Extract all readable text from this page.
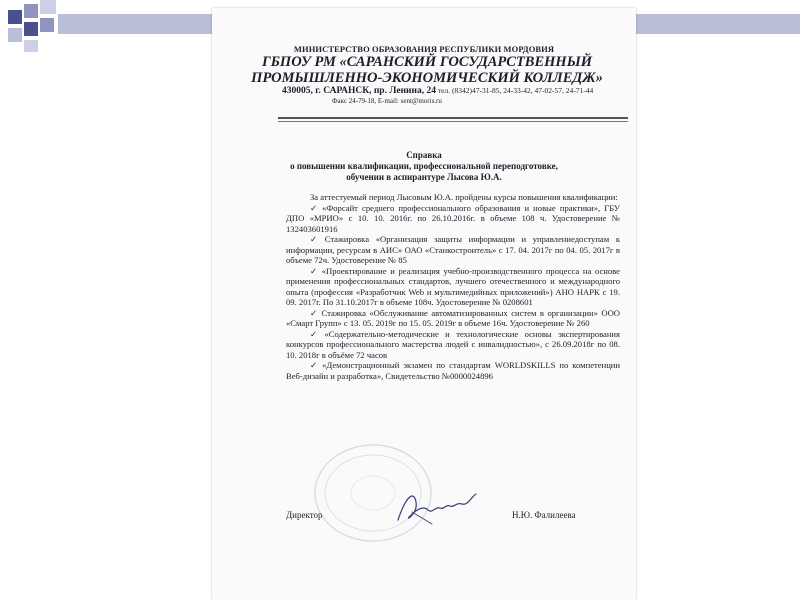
МИНИСТЕРСТВО ОБРАЗОВАНИЯ РЕСПУБЛИКИ МОРДОВИЯ
ГБПОУ РМ «САРАНСКИЙ ГОСУДАРСТВЕННЫЙ
ПРОМЫШЛЕННО-ЭКОНОМИЧЕСКИЙ КОЛЛЕДЖ»
430005, г. САРАНСК, пр. Ленина, 24 тел. (8342)47-31-85, 24-33-42, 47-02-57, 24-71-44
Факс 24-79-18, E-mail: sent@moris.ru
Справка
о повышении квалификации, профессиональной переподготовке,
обучении в аспирантуре Лысова Ю.А.

За аттестуемый период Лысовым Ю.А. пройдены курсы повышения квалификации:

✓ «Форсайт среднего профессионального образования и новые практики», ГБУ ДПО «МРИО» с 10. 10. 2016г. по 26.10.2016г. в объеме 108 ч. Удостоверение № 132403601916

✓ Стажировка «Организация защиты информации и управлениедоступам к информации, ресурсам в АИС» ОАО «Станкостроитель» с 17. 04. 2017г по 04. 05. 2017г в объеме 72ч. Удостоверение № 85

✓ «Проектирование и реализация учебно-производственного процесса на основе применения профессиональных стандартов, лучшего отечественного и международного опыта (профессия «Разработчик Web и мультимедийных приложений») АНО НАРК с 19. 09. 2017г. По 31.10.2017г в объеме 108ч. Удостоверение № 0208601

✓ Стажировка «Обслуживание автоматизированных систем в организации» ООО «Смарт Групп» с 13. 05. 2019г по 15. 05. 2019г в объеме 16ч. Удостоверение № 260

✓ «Содержательно-методические и технологические основы экспертирования конкурсов профессионального мастерства людей с инвалидностью», с 26.09.2018г по 08. 10. 2018г в объёме 72 часов

✓ «Демонстрационный экзамен по стандартам WORLDSKILLS по компетенции Веб-дизайн и разработка», Свидетельство №0000024896

Директор	Н.Ю. Фалилеева
